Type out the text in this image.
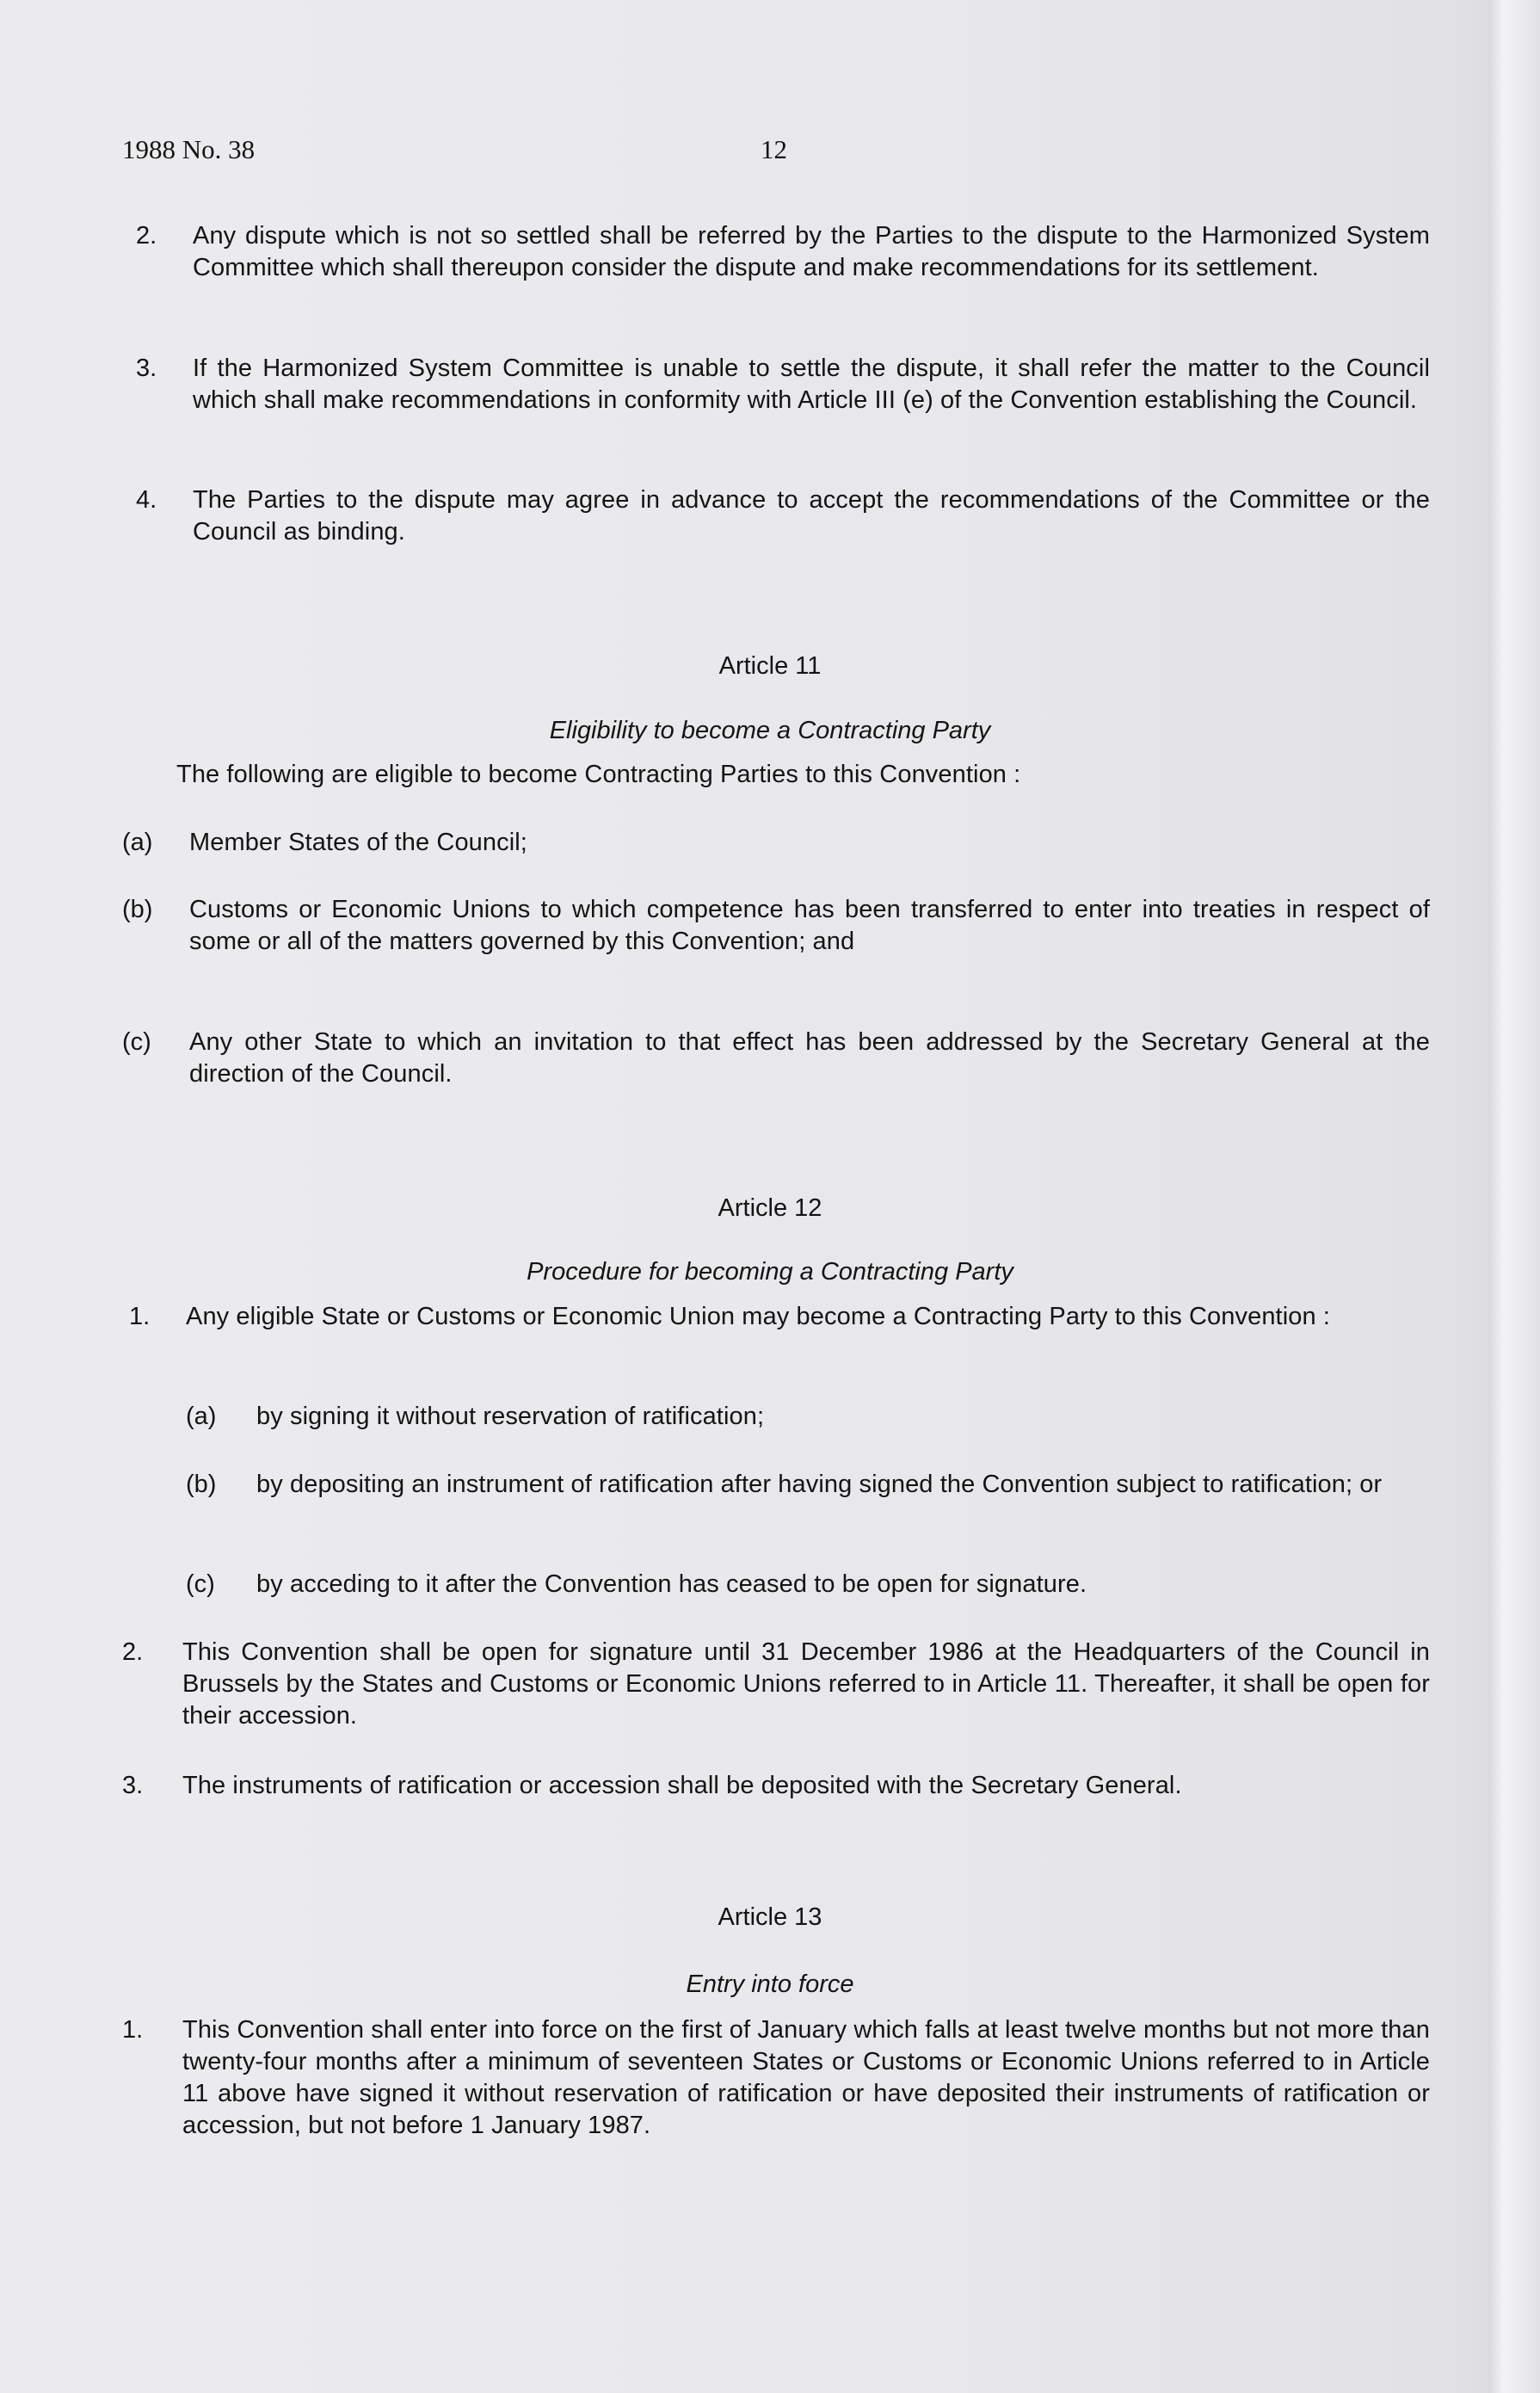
1988 No. 38	12
2. Any dispute which is not so settled shall be referred by the Parties to the dispute to the Harmonized System Committee which shall thereupon consider the dispute and make recommendations for its settlement.
3. If the Harmonized System Committee is unable to settle the dispute, it shall refer the matter to the Council which shall make recommendations in conformity with Article III (e) of the Convention establishing the Council.
4. The Parties to the dispute may agree in advance to accept the recommendations of the Committee or the Council as binding.
Article 11
Eligibility to become a Contracting Party
The following are eligible to become Contracting Parties to this Convention :
(a) Member States of the Council;
(b) Customs or Economic Unions to which competence has been transferred to enter into treaties in respect of some or all of the matters governed by this Convention; and
(c) Any other State to which an invitation to that effect has been addressed by the Secretary General at the direction of the Council.
Article 12
Procedure for becoming a Contracting Party
1. Any eligible State or Customs or Economic Union may become a Contracting Party to this Convention :
(a) by signing it without reservation of ratification;
(b) by depositing an instrument of ratification after having signed the Convention subject to ratification; or
(c) by acceding to it after the Convention has ceased to be open for signature.
2. This Convention shall be open for signature until 31 December 1986 at the Headquarters of the Council in Brussels by the States and Customs or Economic Unions referred to in Article 11. Thereafter, it shall be open for their accession.
3. The instruments of ratification or accession shall be deposited with the Secretary General.
Article 13
Entry into force
1. This Convention shall enter into force on the first of January which falls at least twelve months but not more than twenty-four months after a minimum of seventeen States or Customs or Economic Unions referred to in Article 11 above have signed it without reservation of ratification or have deposited their instruments of ratification or accession, but not before 1 January 1987.
